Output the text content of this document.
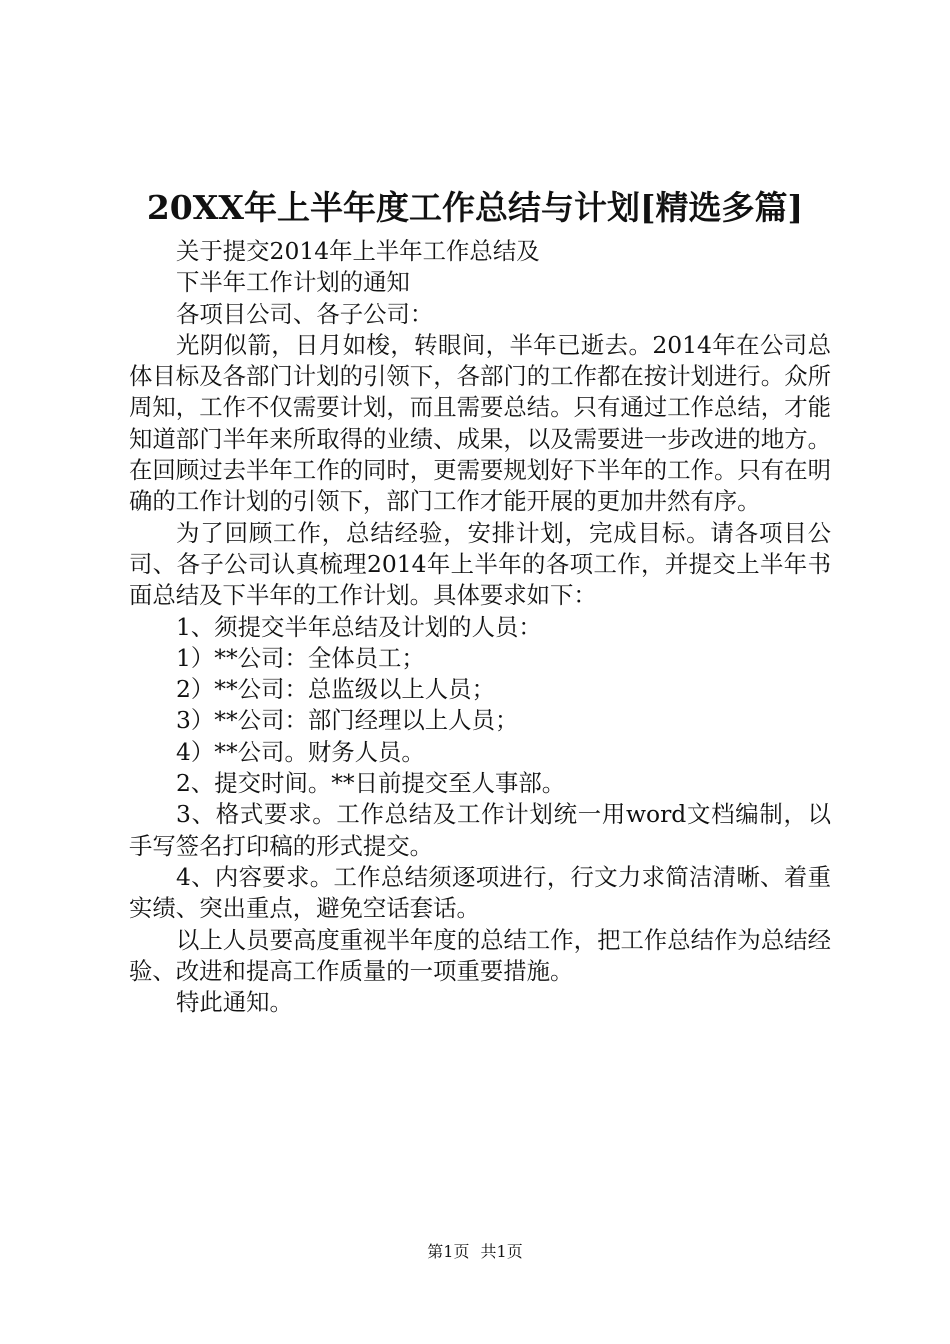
20XX年上半年度工作总结与计划[精选多篇]

关于提交2014年上半年工作总结及

下半年工作计划的通知

各项目公司、各子公司：

光阴似箭，日月如梭，转眼间，半年已逝去。2014年在公司总体目标及各部门计划的引领下，各部门的工作都在按计划进行。众所周知，工作不仅需要计划，而且需要总结。只有通过工作总结，才能知道部门半年来所取得的业绩、成果，以及需要进一步改进的地方。在回顾过去半年工作的同时，更需要规划好下半年的工作。只有在明确的工作计划的引领下，部门工作才能开展的更加井然有序。

为了回顾工作，总结经验，安排计划，完成目标。请各项目公司、各子公司认真梳理2014年上半年的各项工作，并提交上半年书面总结及下半年的工作计划。具体要求如下：

1、须提交半年总结及计划的人员：

1）**公司：全体员工；

2）**公司：总监级以上人员；

3）**公司：部门经理以上人员；

4）**公司。财务人员。

2、提交时间。**日前提交至人事部。

3、格式要求。工作总结及工作计划统一用word文档编制，以手写签名打印稿的形式提交。

4、内容要求。工作总结须逐项进行，行文力求简洁清晰、着重实绩、突出重点，避免空话套话。

以上人员要高度重视半年度的总结工作，把工作总结作为总结经验、改进和提高工作质量的一项重要措施。

特此通知。

第1页 共1页
